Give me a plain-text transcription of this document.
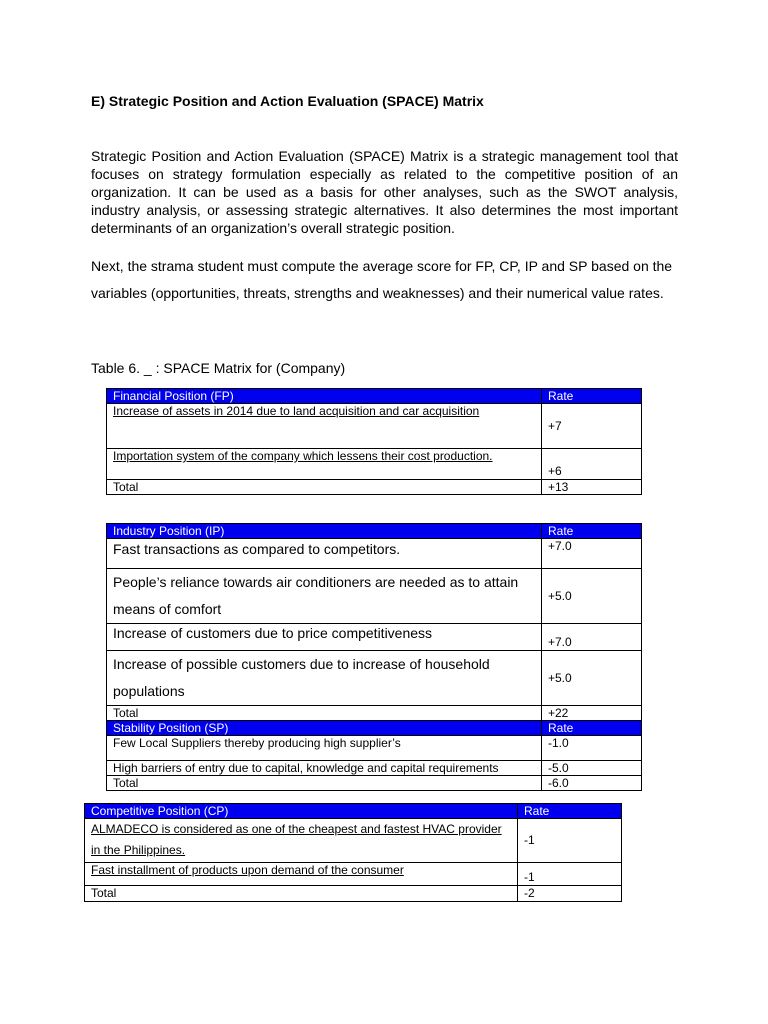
E) Strategic Position and Action Evaluation (SPACE) Matrix

Strategic Position and Action Evaluation (SPACE) Matrix is a strategic management tool that focuses on strategy formulation especially as related to the competitive position of an organization. It can be used as a basis for other analyses, such as the SWOT analysis, industry analysis, or assessing strategic alternatives. It also determines the most important determinants of an organization’s overall strategic position.

Next, the strama student must compute the average score for FP, CP, IP and SP based on the variables (opportunities, threats, strengths and weaknesses) and their numerical value rates.

Table 6. _ : SPACE Matrix for (Company)
Financial Position (FP)	Rate
Increase of assets in 2014 due to land acquisition and car acquisition	+7
Importation system of the company which lessens their cost production.	+6
Total	+13
Industry Position (IP)	Rate
Fast transactions as compared to competitors.	+7.0
People’s reliance towards air conditioners are needed as to attain means of comfort	+5.0
Increase of customers due to price competitiveness	+7.0
Increase of possible customers due to increase of household populations	+5.0
Total	+22
Stability Position (SP)	Rate
Few Local Suppliers thereby producing high supplier’s	-1.0
High barriers of entry due to capital, knowledge and capital requirements	-5.0
Total	-6.0
Competitive Position (CP)	Rate
ALMADECO is considered as one of the cheapest and fastest HVAC provider in the Philippines.	-1
Fast installment of products upon demand of the consumer	-1
Total	-2
